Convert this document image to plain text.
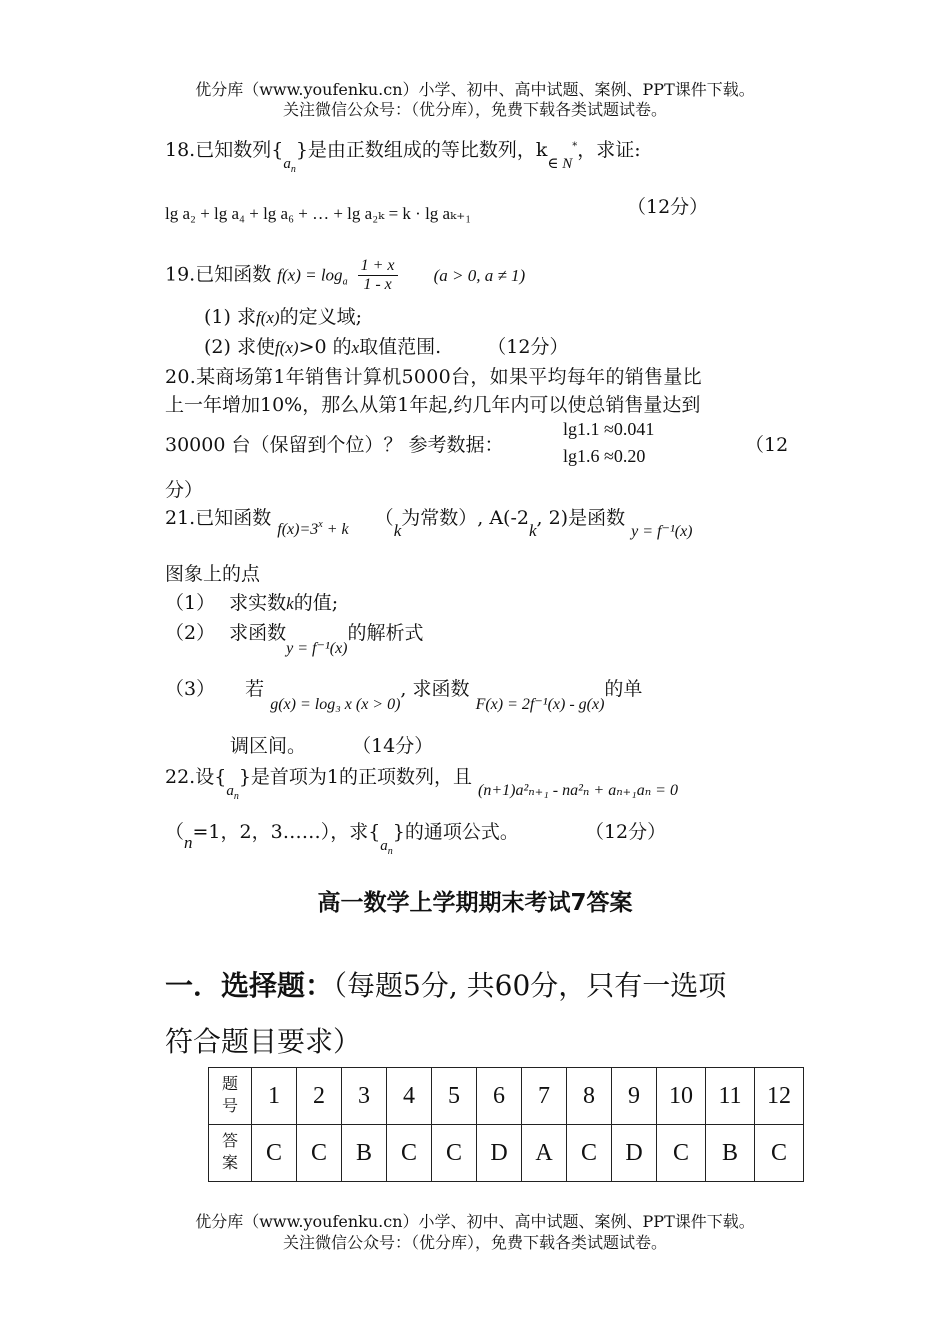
优分库（www.youfenku.cn）小学、初中、高中试题、案例、PPT课件下载。
关注微信公众号：（优分库），免费下载各类试题试卷。
18.已知数列$\{_{a_n}\}$是由正数组成的等比数列，$k_{\in N}^*$，求证:
（12分）
lg a₂ + lg a₄ + lg a₆ + … + lg a₂ₖ = k · lg aₖ₊₁
19.已知函数 $f(x) = \log_a \frac{1 + x}{1 - x} (a > 0$, a ≠ 1)
(1) 求f(x)的定义域;
(2) 求使f(x)>0 的x取值范围. （12分）
20.某商场第1年销售计算机5000台，如果平均每年的销售量比
上一年增加10%，那么从第1年起,约几年内可以使总销售量达到
30000 台（保留到个位）？ 参考数据：
lg1.1 ≈0.041
lg1.6 ≈0.20	（12
分）
21.已知函数 $_{f(x)=3^x + k}$ （k为常数）, A(-2k, 2)是函数 $_{y = f^{-1}(x)}$
图象上的点
（1） 求实数k的值;
（2） 求函数$_{y = f^{-1}(x)}$的解析式
（3） 若 $_{g(x) = log_3 x (x > 0)}$, 求函数 $_{F(x) = 2f^{-1}(x) - g(x)}$的单
调区间。 （14分）
22.设$\{_{a_n}\}$是首项为1的正项数列，且 $_{(n+1)a^2_{n+1} - na^2_n + a_{n+1}a_n = 0}$
（n=1，2，3……），求$\{_{a_n}\}$的通项公式。	（12分）
高一数学上学期期末考试7答案
一．选择题：（每题5分, 共60分，只有一选项
符合题目要求）
题
号	1	2	3	4	5	6	7	8	9	10	11	12
答
案	C	C	B	C	C	D	A	C	D	C	B	C
优分库（www.youfenku.cn）小学、初中、高中试题、案例、PPT课件下载。
关注微信公众号：（优分库），免费下载各类试题试卷。
